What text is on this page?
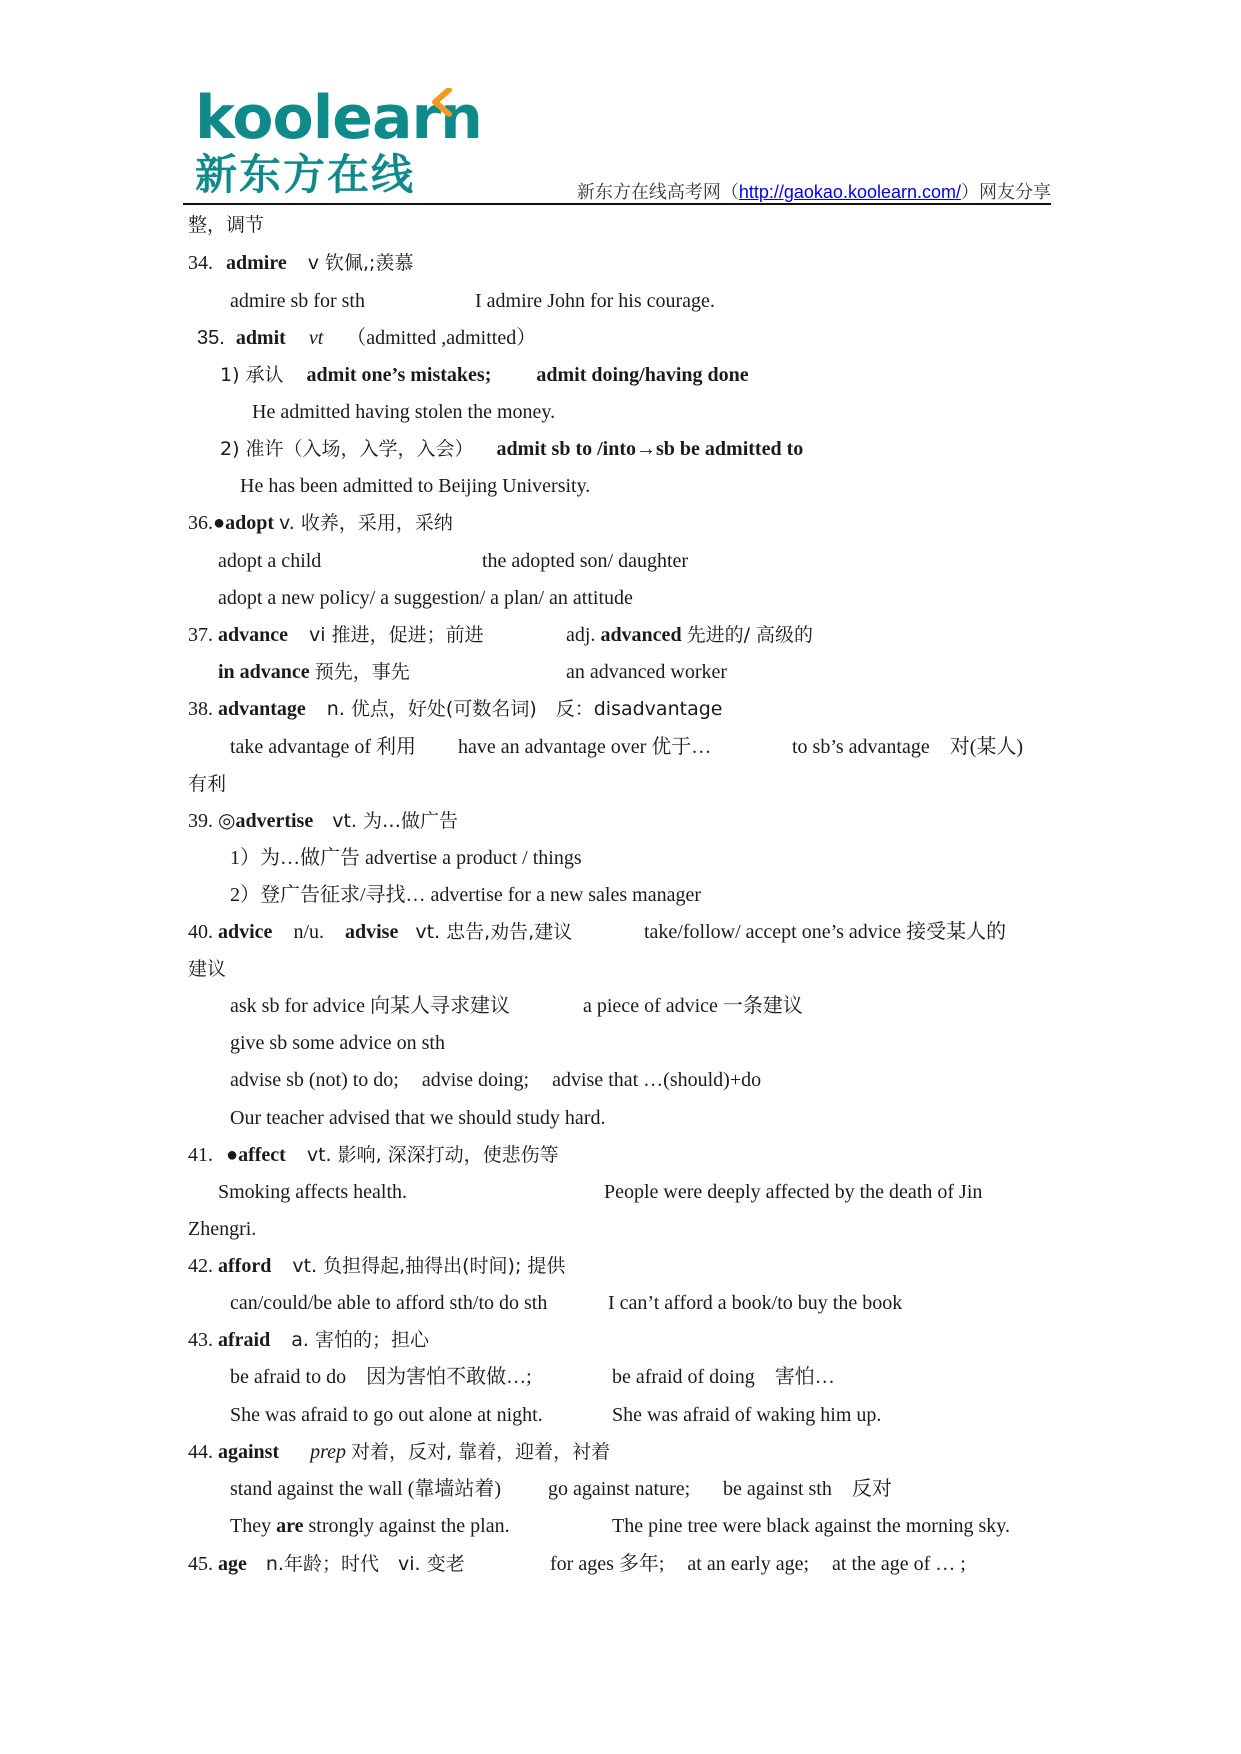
koolearn
新东方在线	新东方在线高考网（http://gaokao.koolearn.com/）网友分享
整，调节
34. admire v 钦佩,;羡慕
admire sb for sth	I admire John for his courage.
35. admit vt （admitted ,admitted）
1) 承认 admit one’s mistakes; admit doing/having done
He admitted having stolen the money.
2) 准许（入场，入学，入会） admit sb to /into→sb be admitted to
He has been admitted to Beijing University.
36.●adopt v. 收养，采用，采纳
adopt a child	the adopted son/ daughter
adopt a new policy/ a suggestion/ a plan/ an attitude
37. advance vi 推进，促进；前进	adj. advanced 先进的/ 高级的
in advance 预先，事先	an advanced worker
38. advantage n. 优点，好处(可数名词)　反：disadvantage
take advantage of 利用 have an advantage over 优于…	to sb’s advantage　对(某人)
有利
39. ◎advertise vt. 为…做广告
1）为…做广告 advertise a product / things
2）登广告征求/寻找… advertise for a new sales manager
40. advice n/u. advise vt. 忠告,劝告,建议	take/follow/ accept one’s advice 接受某人的
建议
ask sb for advice 向某人寻求建议	a piece of advice 一条建议
give sb some advice on sth
advise sb (not) to do; advise doing; advise that …(should)+do
Our teacher advised that we should study hard.
41. ●affect vt. 影响, 深深打动，使悲伤等
Smoking affects health.	People were deeply affected by the death of Jin
Zhengri.
42. afford vt. 负担得起,抽得出(时间); 提供
can/could/be able to afford sth/to do sth	I can’t afford a book/to buy the book
43. afraid a. 害怕的；担心
be afraid to do　因为害怕不敢做…;	be afraid of doing　害怕…
She was afraid to go out alone at night.	She was afraid of waking him up.
44. against prep 对着，反对, 靠着，迎着，衬着
stand against the wall (靠墙站着) go against nature; be against sth　反对
They are strongly against the plan.	The pine tree were black against the morning sky.
45. age n.年龄；时代　vi. 变老	for ages 多年; at an early age; at the age of … ;
